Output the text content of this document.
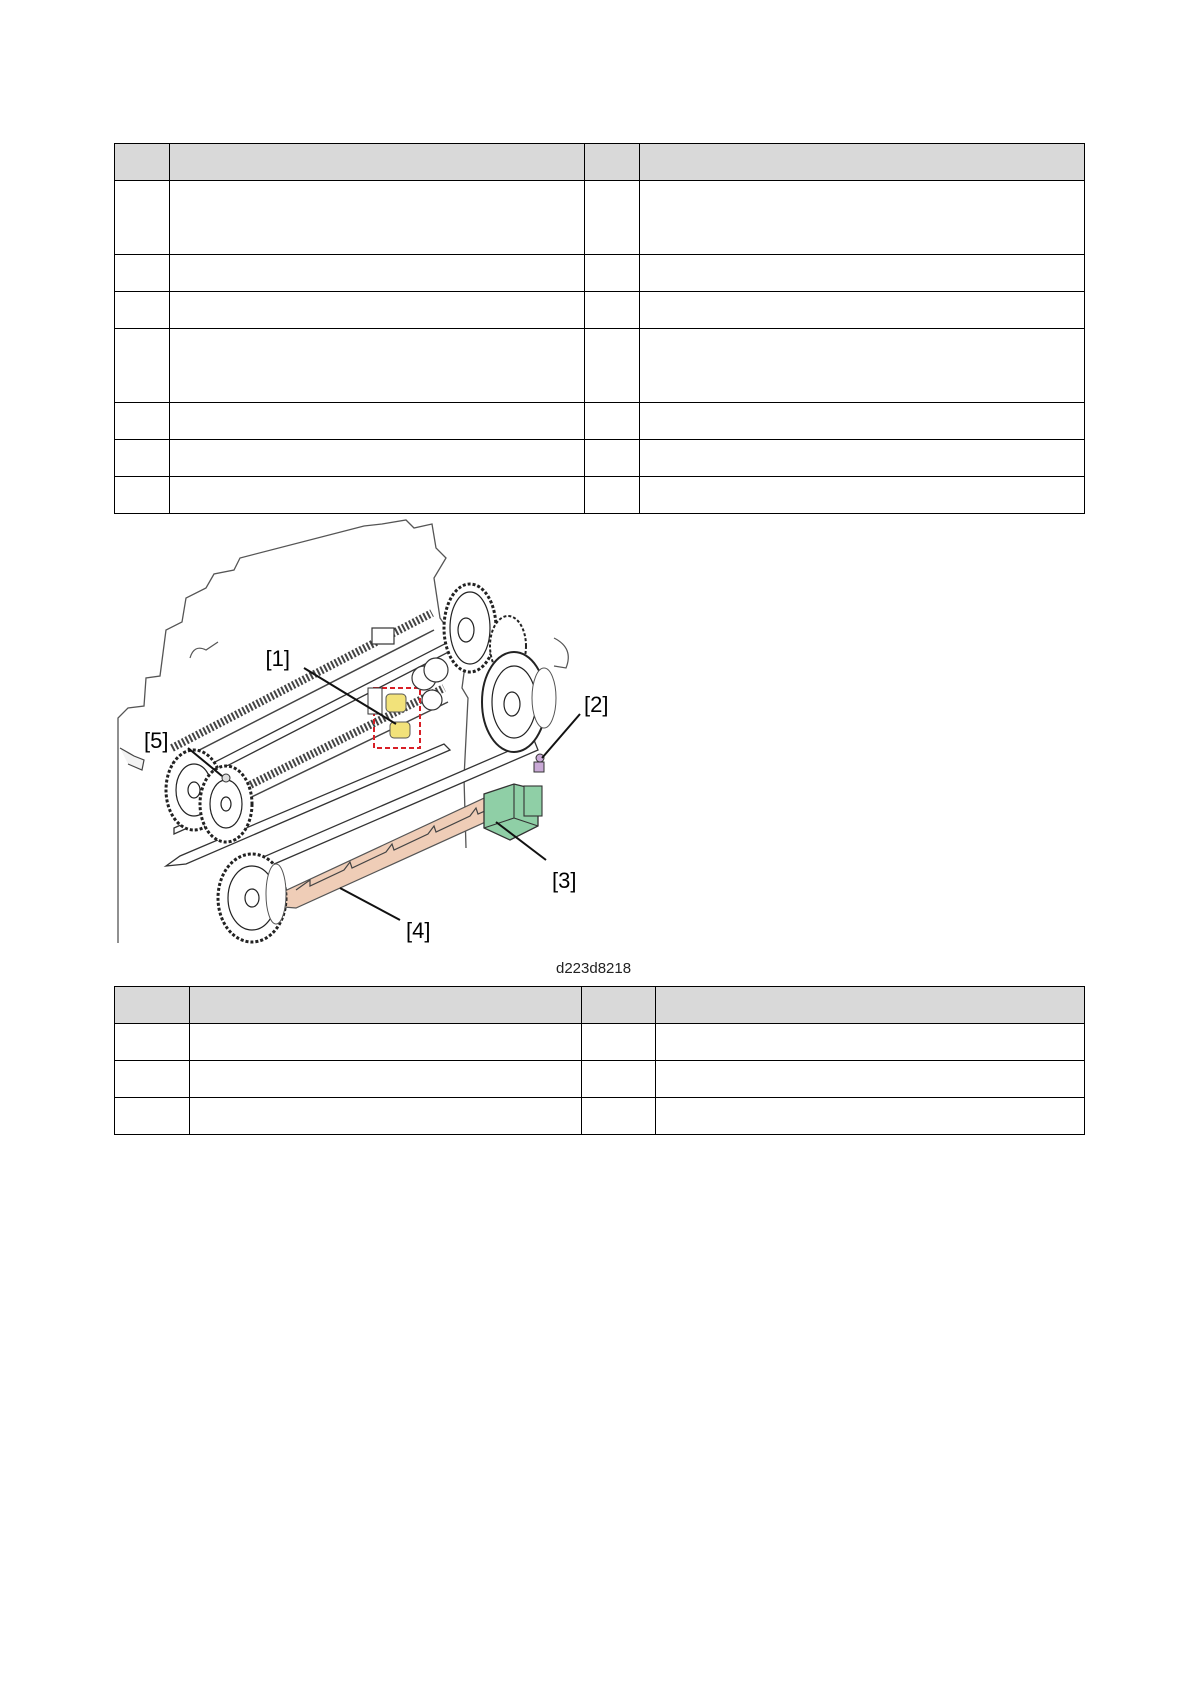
[1]
[2]
[3]
[4]
[5]
d223d8218
